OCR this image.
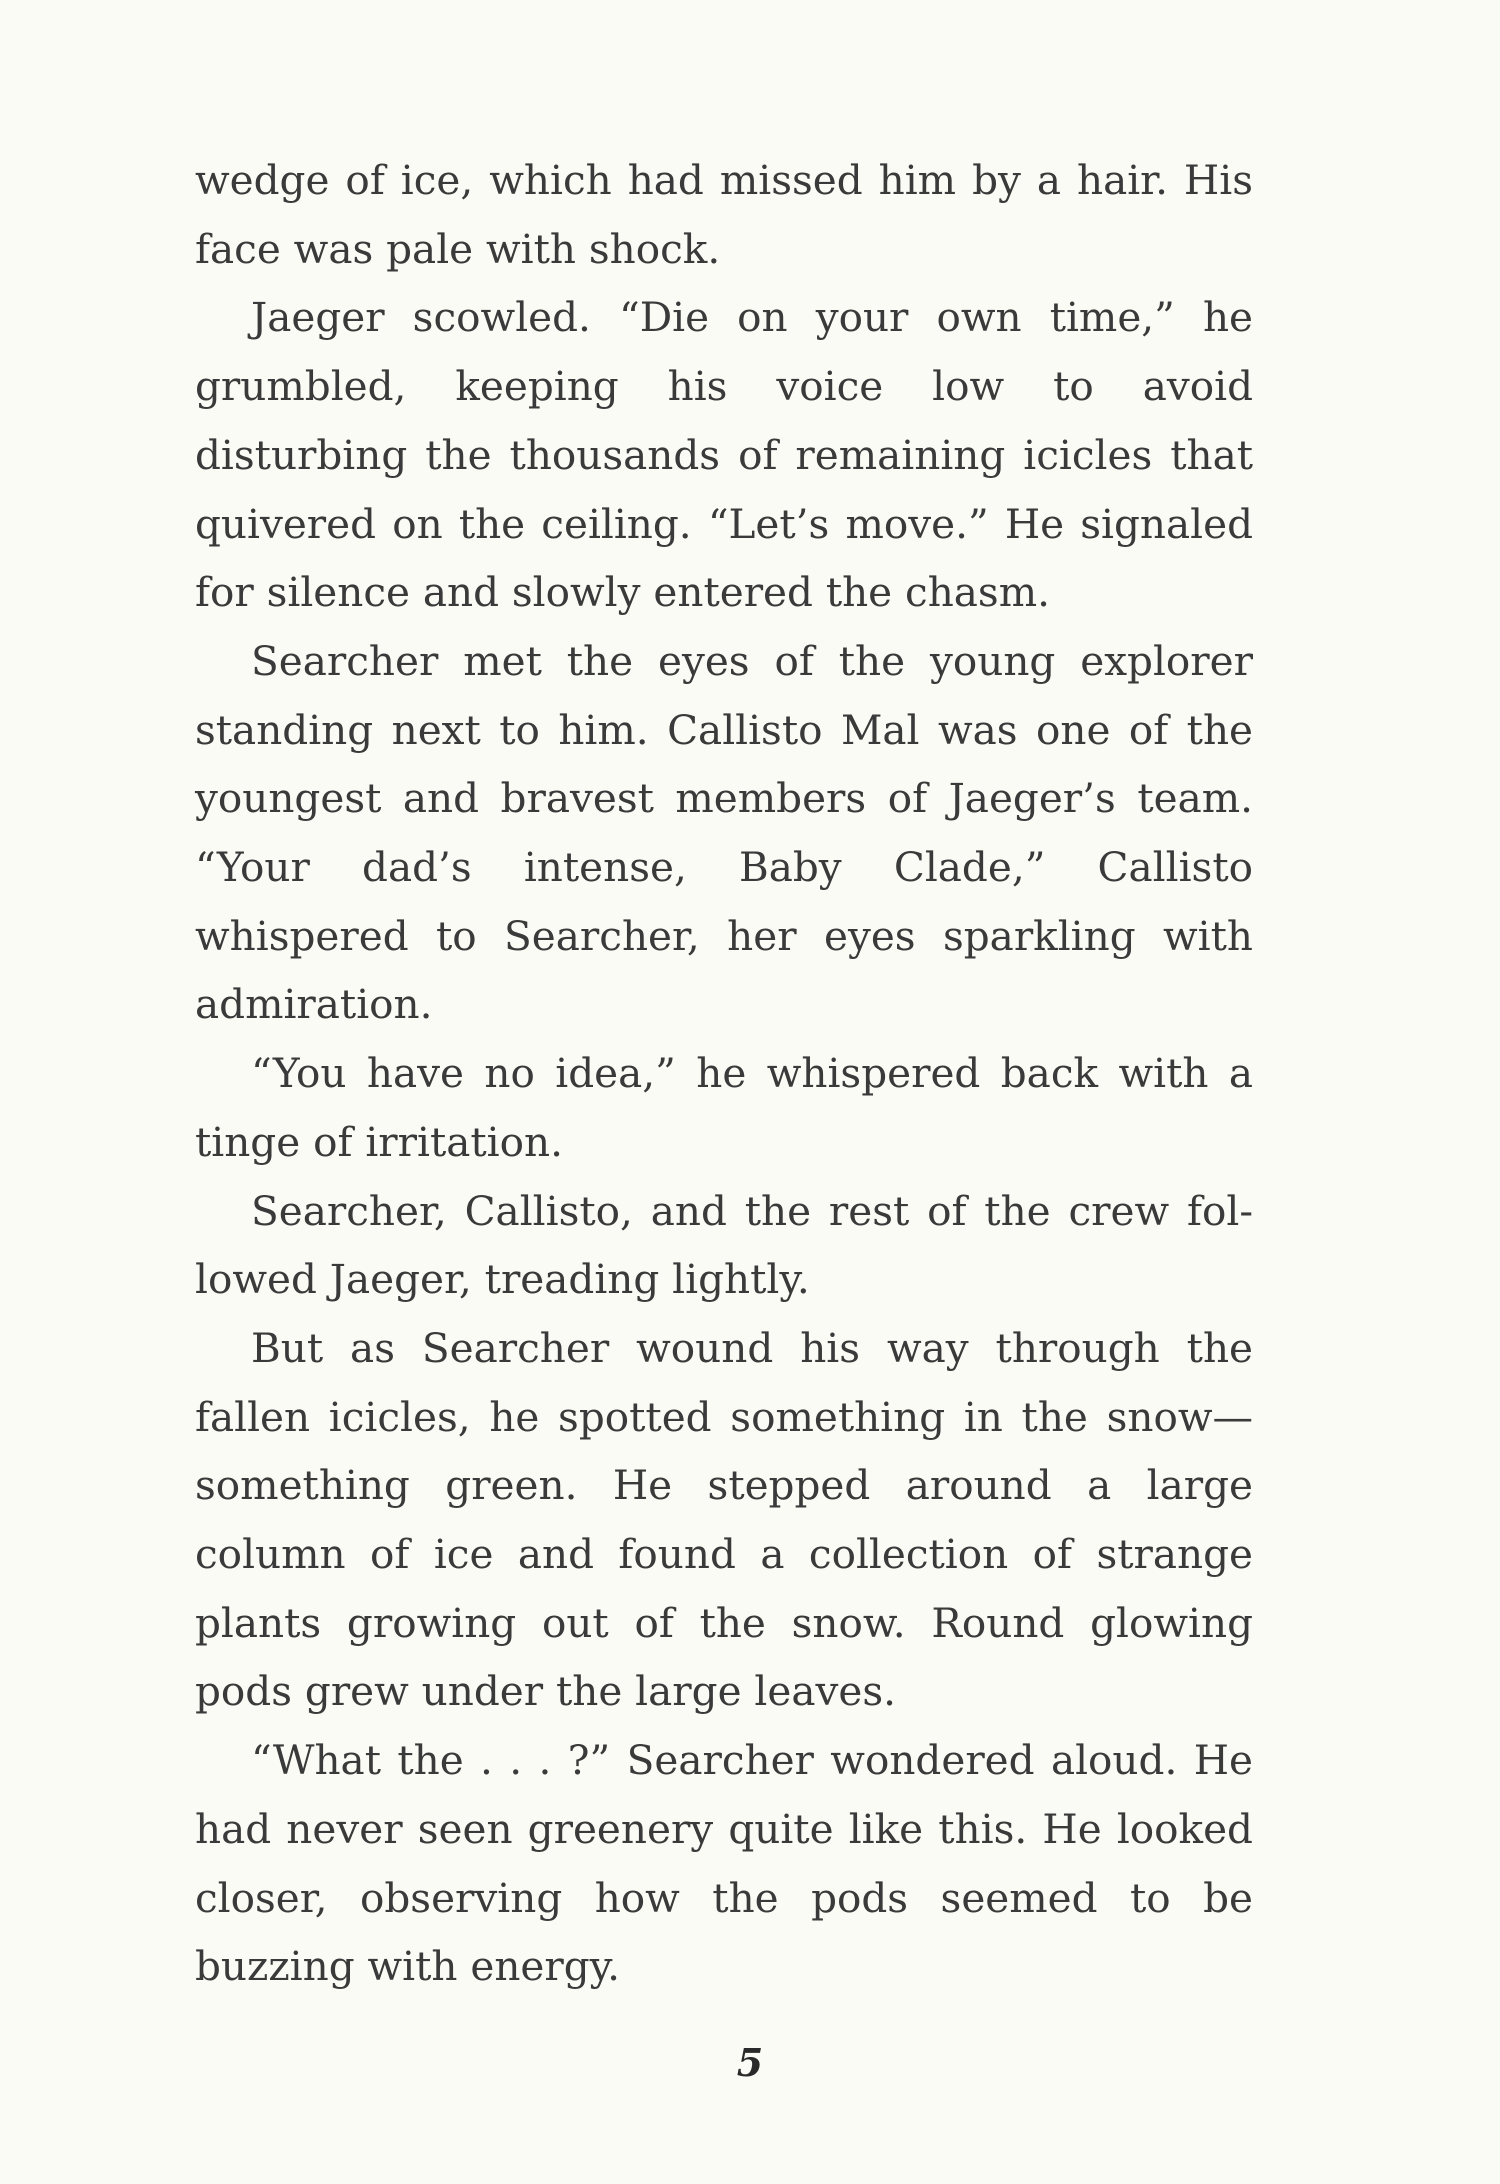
wedge of ice, which had missed him by a hair. His face was pale with shock.

Jaeger scowled. “Die on your own time,” he grumbled, keeping his voice low to avoid disturbing the thousands of remaining icicles that quivered on the ceiling. “Let’s move.” He signaled for silence and slowly entered the chasm.

Searcher met the eyes of the young explorer standing next to him. Callisto Mal was one of the youngest and bravest members of Jaeger’s team. “Your dad’s intense, Baby Clade,” Callisto whispered to Searcher, her eyes sparkling with admiration.

“You have no idea,” he whispered back with a tinge of irritation.

Searcher, Callisto, and the rest of the crew followed Jaeger, treading lightly.

But as Searcher wound his way through the fallen icicles, he spotted something in the snow—something green. He stepped around a large column of ice and found a collection of strange plants growing out of the snow. Round glowing pods grew under the large leaves.

“What the . . . ?” Searcher wondered aloud. He had never seen greenery quite like this. He looked closer, observing how the pods seemed to be buzzing with energy.

5
